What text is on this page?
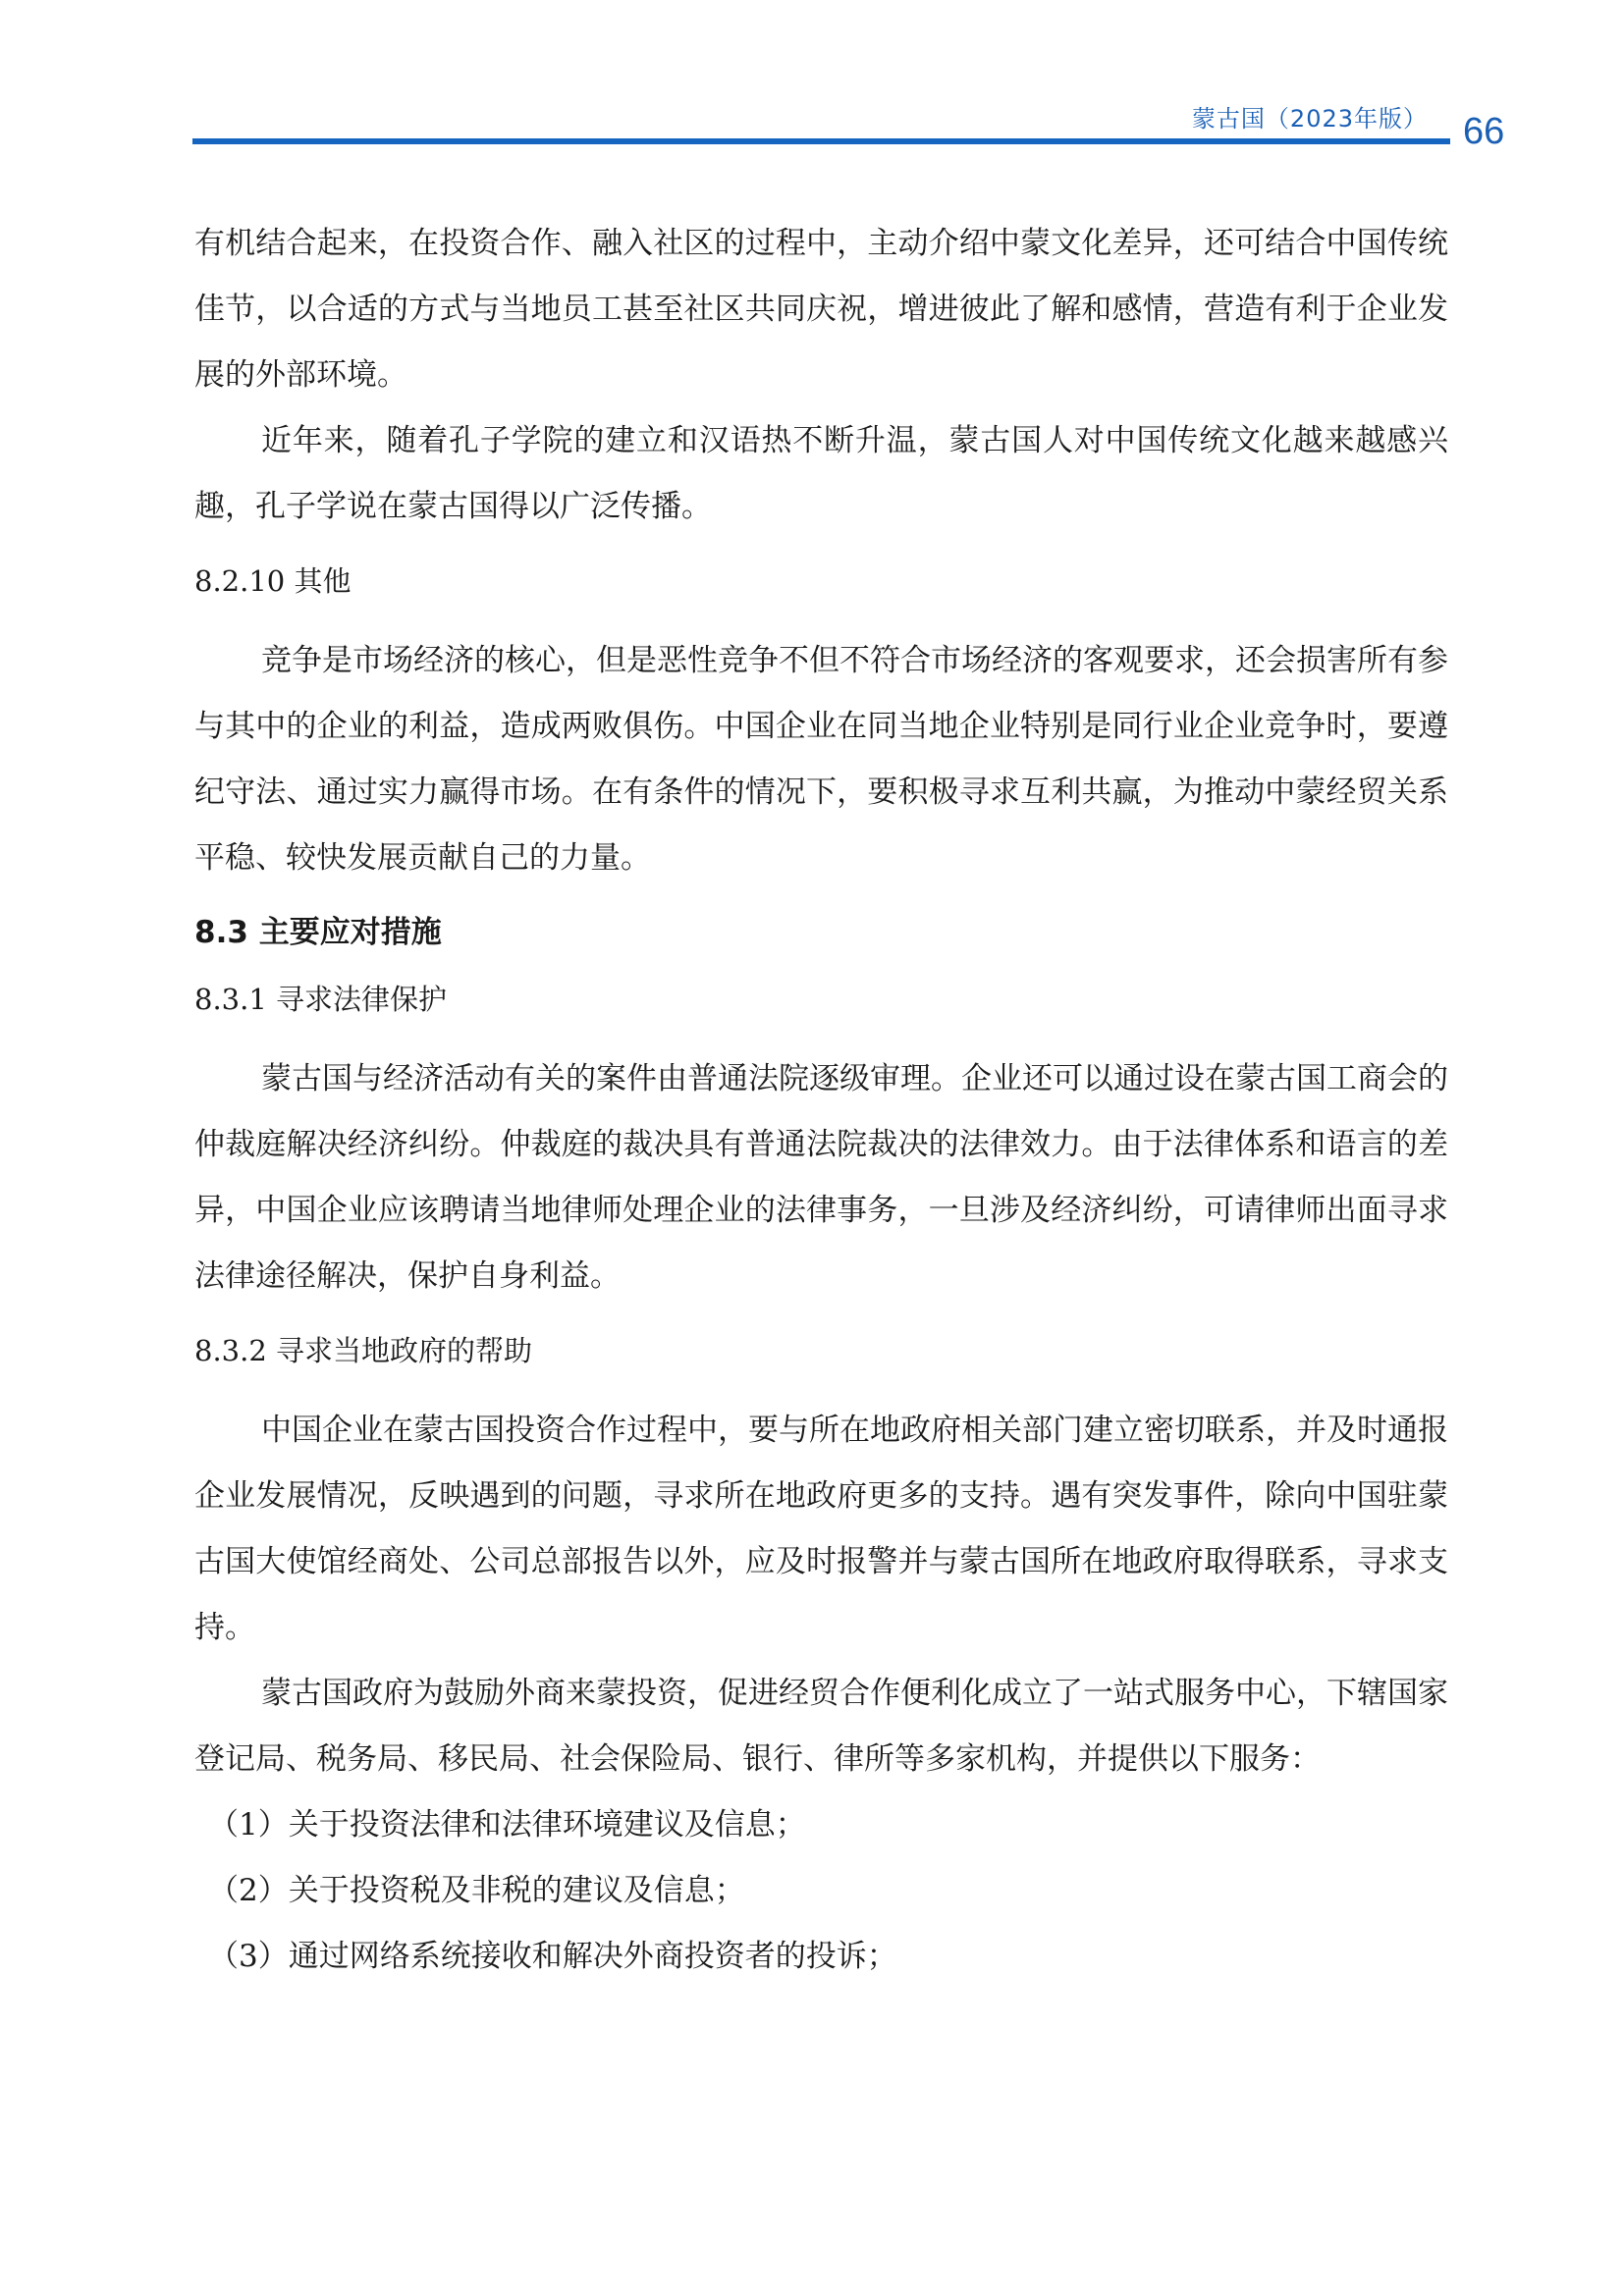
蒙古国（2023年版） 66

有机结合起来，在投资合作、融入社区的过程中，主动介绍中蒙文化差异，还可结合中国传统佳节，以合适的方式与当地员工甚至社区共同庆祝，增进彼此了解和感情，营造有利于企业发展的外部环境。

近年来，随着孔子学院的建立和汉语热不断升温，蒙古国人对中国传统文化越来越感兴趣，孔子学说在蒙古国得以广泛传播。

8.2.10 其他

竞争是市场经济的核心，但是恶性竞争不但不符合市场经济的客观要求，还会损害所有参与其中的企业的利益，造成两败俱伤。中国企业在同当地企业特别是同行业企业竞争时，要遵纪守法、通过实力赢得市场。在有条件的情况下，要积极寻求互利共赢，为推动中蒙经贸关系平稳、较快发展贡献自己的力量。

8.3 主要应对措施
8.3.1 寻求法律保护

蒙古国与经济活动有关的案件由普通法院逐级审理。企业还可以通过设在蒙古国工商会的仲裁庭解决经济纠纷。仲裁庭的裁决具有普通法院裁决的法律效力。由于法律体系和语言的差异，中国企业应该聘请当地律师处理企业的法律事务，一旦涉及经济纠纷，可请律师出面寻求法律途径解决，保护自身利益。

8.3.2 寻求当地政府的帮助

中国企业在蒙古国投资合作过程中，要与所在地政府相关部门建立密切联系，并及时通报企业发展情况，反映遇到的问题，寻求所在地政府更多的支持。遇有突发事件，除向中国驻蒙古国大使馆经商处、公司总部报告以外，应及时报警并与蒙古国所在地政府取得联系，寻求支持。

蒙古国政府为鼓励外商来蒙投资，促进经贸合作便利化成立了一站式服务中心，下辖国家登记局、税务局、移民局、社会保险局、银行、律所等多家机构，并提供以下服务：

（1）关于投资法律和法律环境建议及信息；

（2）关于投资税及非税的建议及信息；

（3）通过网络系统接收和解决外商投资者的投诉；
